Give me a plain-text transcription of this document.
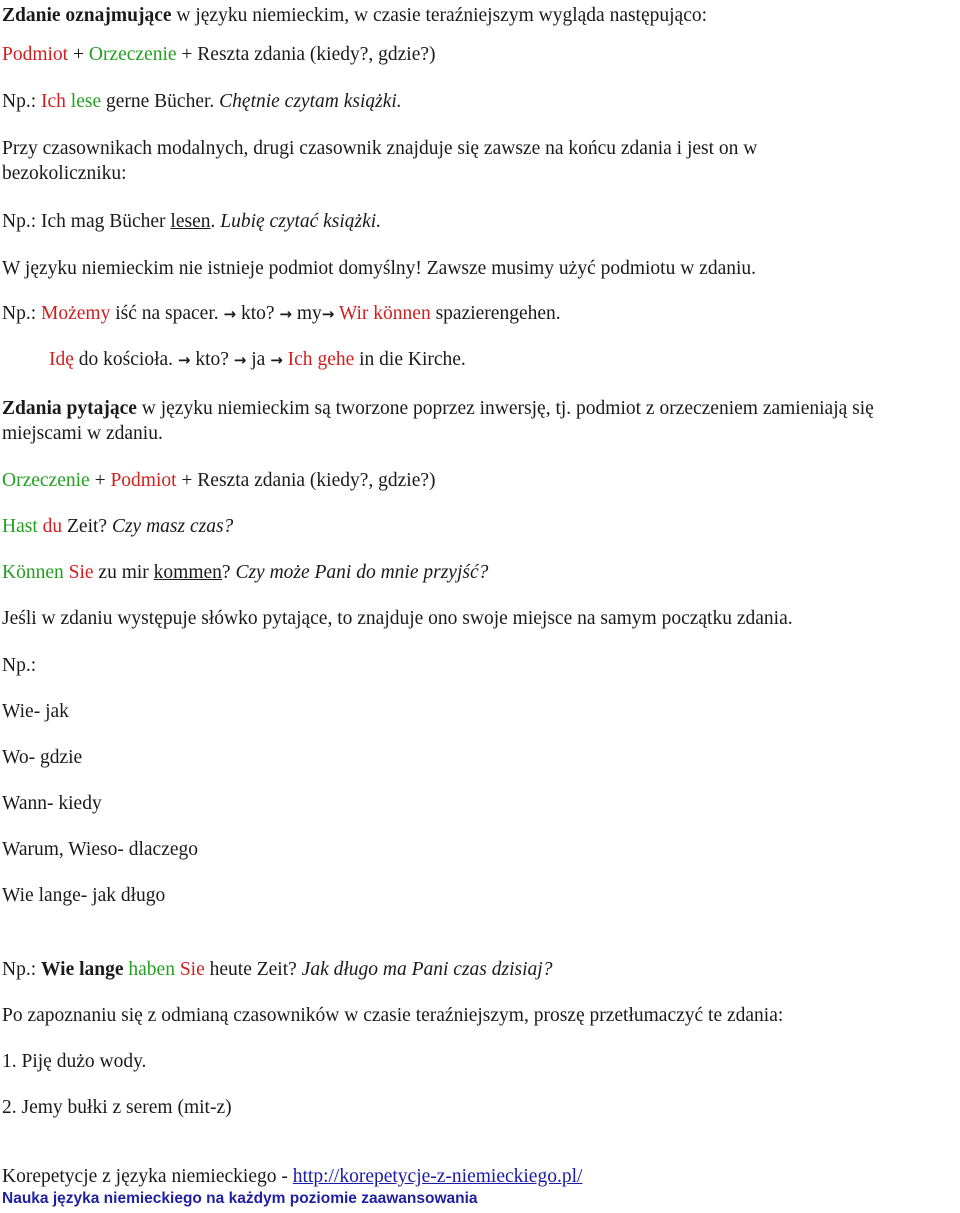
Zdanie oznajmujące w języku niemieckim, w czasie teraźniejszym wygląda następująco:
Podmiot + Orzeczenie + Reszta zdania (kiedy?, gdzie?)
Np.: Ich lese gerne Bücher. Chętnie czytam książki.
Przy czasownikach modalnych, drugi czasownik znajduje się zawsze na końcu zdania i jest on w
bezokoliczniku:
Np.: Ich mag Bücher lesen. Lubię czytać książki.
W języku niemieckim nie istnieje podmiot domyślny! Zawsze musimy użyć podmiotu w zdaniu.
Np.: Możemy iść na spacer. → kto? → my→ Wir können spazierengehen.
Idę do kościoła. → kto? → ja → Ich gehe in die Kirche.
Zdania pytające w języku niemieckim są tworzone poprzez inwersję, tj. podmiot z orzeczeniem zamieniają się
miejscami w zdaniu.
Orzeczenie + Podmiot + Reszta zdania (kiedy?, gdzie?)
Hast du Zeit? Czy masz czas?
Können Sie zu mir kommen? Czy może Pani do mnie przyjść?
Jeśli w zdaniu występuje słówko pytające, to znajduje ono swoje miejsce na samym początku zdania.
Np.:
Wie- jak
Wo- gdzie
Wann- kiedy
Warum, Wieso- dlaczego
Wie lange- jak długo
Np.: Wie lange haben Sie heute Zeit? Jak długo ma Pani czas dzisiaj?
Po zapoznaniu się z odmianą czasowników w czasie teraźniejszym, proszę przetłumaczyć te zdania:
1. Piję dużo wody.
2. Jemy bułki z serem (mit-z)
Korepetycje z języka niemieckiego - http://korepetycje-z-niemieckiego.pl/
Nauka języka niemieckiego na każdym poziomie zaawansowania
